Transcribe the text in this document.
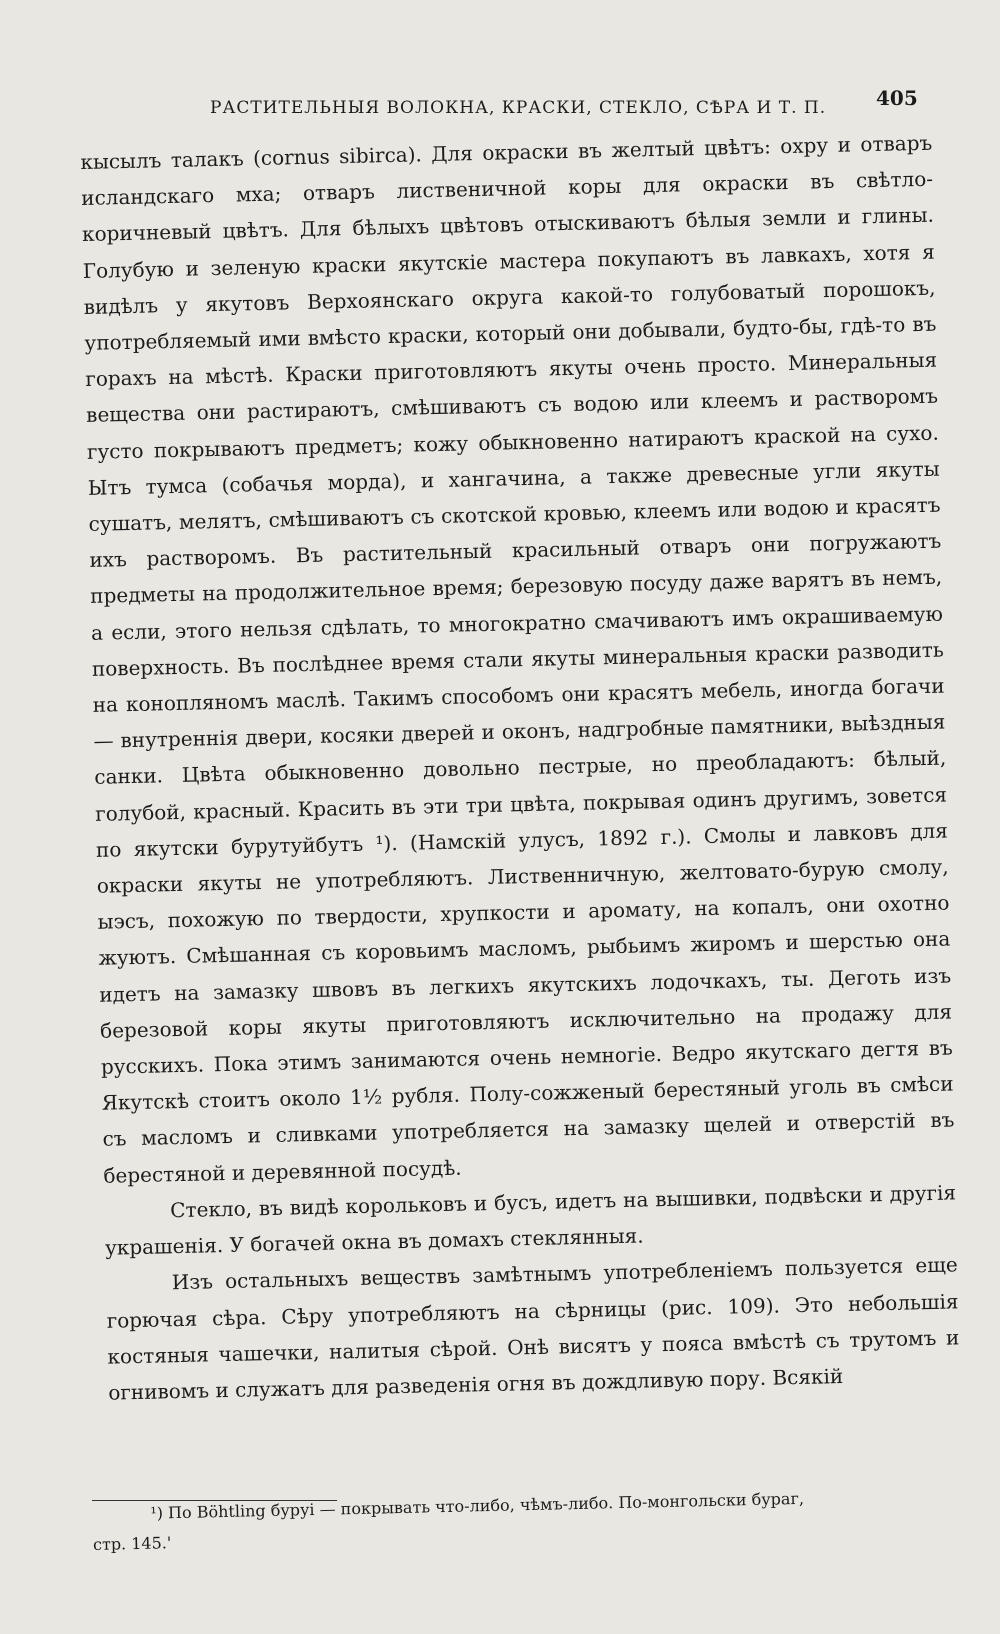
РАСТИТЕЛЬНЫЯ ВОЛОКНА, КРАСКИ, СТЕКЛО, СѢРА И Т. П. 405

кысылъ талакъ (cornus sibirca). Для окраски въ желтый цвѣтъ: охру и отваръ исландскаго мха; отваръ лиственичной коры для окраски въ свѣтло-коричневый цвѣтъ. Для бѣлыхъ цвѣтовъ отыскиваютъ бѣлыя земли и глины. Голубую и зеленую краски якутскіе мастера покупаютъ въ лавкахъ, хотя я видѣлъ у якутовъ Верхоянскаго округа какой-то голубоватый порошокъ, употребляемый ими вмѣсто краски, который они добывали, будто-бы, гдѣ-то въ горахъ на мѣстѣ. Краски приготовляютъ якуты очень просто. Минеральныя вещества они растираютъ, смѣшиваютъ съ водою или клеемъ и растворомъ густо покрываютъ предметъ; кожу обыкновенно натираютъ краской на сухо. Ытъ тумса (собачья морда), и хангачина, а также древесные угли якуты сушатъ, мелятъ, смѣшиваютъ съ скотской кровью, клеемъ или водою и красятъ ихъ растворомъ. Въ растительный красильный отваръ они погружаютъ предметы на продолжительное время; березовую посуду даже варятъ въ немъ, а если, этого нельзя сдѣлать, то многократно смачиваютъ имъ окрашиваемую поверхность. Въ послѣднее время стали якуты минеральныя краски разводить на конопляномъ маслѣ. Такимъ способомъ они красятъ мебель, иногда богачи — внутреннія двери, косяки дверей и оконъ, надгробные памятники, выѣздныя санки. Цвѣта обыкновенно довольно пестрые, но преобладаютъ: бѣлый, голубой, красный. Красить въ эти три цвѣта, покрывая одинъ другимъ, зовется по якутски бурутуйбутъ ¹). (Намскій улусъ, 1892 г.). Смолы и лавковъ для окраски якуты не употребляютъ. Лиственничную, желтовато-бурую смолу, ыэсъ, похожую по твердости, хрупкости и аромату, на копалъ, они охотно жуютъ. Смѣшанная съ коровьимъ масломъ, рыбьимъ жиромъ и шерстью она идетъ на замазку швовъ въ легкихъ якутскихъ лодочкахъ, ты. Деготь изъ березовой коры якуты приготовляютъ исключительно на продажу для русскихъ. Пока этимъ занимаются очень немногіе. Ведро якутскаго дегтя въ Якутскѣ стоитъ около 1½ рубля. Полу-сожженый берестяный уголь въ смѣси съ масломъ и сливками употребляется на замазку щелей и отверстій въ берестяной и деревянной посудѣ.

Стекло, въ видѣ корольковъ и бусъ, идетъ на вышивки, подвѣски и другія украшенія. У богачей окна въ домахъ стеклянныя.

Изъ остальныхъ веществъ замѣтнымъ употребленіемъ пользуется еще горючая сѣра. Сѣру употребляютъ на сѣрницы (рис. 109). Это небольшія костяныя чашечки, налитыя сѣрой. Онѣ висятъ у пояса вмѣстѣ съ трутомъ и огнивомъ и служатъ для разведенія огня въ дождливую пору. Всякій

¹) По Böhtling буруі — покрывать что-либо, чѣмъ-либо. По-монгольски бураг,

стр. 145.'
